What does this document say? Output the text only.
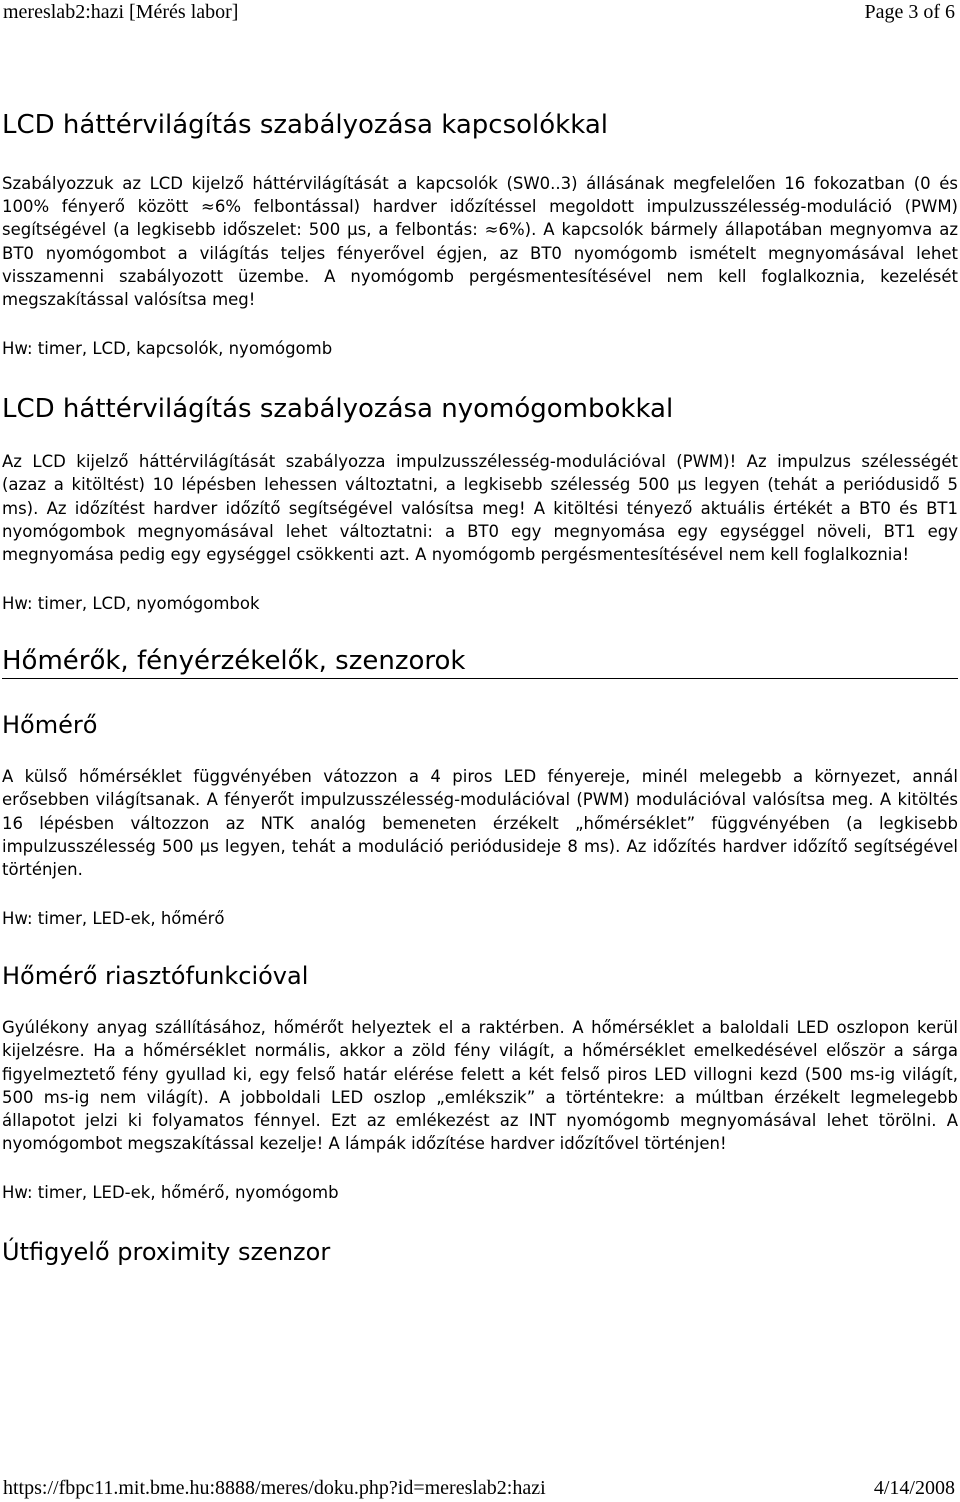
mereslab2:hazi [Mérés labor]	Page 3 of 6
LCD háttérvilágítás szabályozása kapcsolókkal

Szabályozzuk az LCD kijelző háttérvilágítását a kapcsolók (SW0..3) állásának megfelelően 16 fokozatban (0 és 100% fényerő között ≈6% felbontással) hardver időzítéssel megoldott impulzusszélesség-moduláció (PWM) segítségével (a legkisebb időszelet: 500 µs, a felbontás: ≈6%). A kapcsolók bármely állapotában megnyomva az BT0 nyomógombot a világítás teljes fényerővel égjen, az BT0 nyomógomb ismételt megnyomásával lehet visszamenni szabályozott üzembe. A nyomógomb pergésmentesítésével nem kell foglalkoznia, kezelését megszakítással valósítsa meg!

Hw: timer, LCD, kapcsolók, nyomógomb

LCD háttérvilágítás szabályozása nyomógombokkal

Az LCD kijelző háttérvilágítását szabályozza impulzusszélesség-modulációval (PWM)! Az impulzus szélességét (azaz a kitöltést) 10 lépésben lehessen változtatni, a legkisebb szélesség 500 µs legyen (tehát a periódusidő 5 ms). Az időzítést hardver időzítő segítségével valósítsa meg! A kitöltési tényező aktuális értékét a BT0 és BT1 nyomógombok megnyomásával lehet változtatni: a BT0 egy megnyomása egy egységgel növeli, BT1 egy megnyomása pedig egy egységgel csökkenti azt. A nyomógomb pergésmentesítésével nem kell foglalkoznia!

Hw: timer, LCD, nyomógombok

Hőmérők, fényérzékelők, szenzorok
Hőmérő

A külső hőmérséklet függvényében vátozzon a 4 piros LED fényereje, minél melegebb a környezet, annál erősebben világítsanak. A fényerőt impulzusszélesség-modulációval (PWM) modulációval valósítsa meg. A kitöltés 16 lépésben változzon az NTK analóg bemeneten érzékelt „hőmérséklet” függvényében (a legkisebb impulzusszélesség 500 µs legyen, tehát a moduláció periódusideje 8 ms). Az időzítés hardver időzítő segítségével történjen.

Hw: timer, LED-ek, hőmérő

Hőmérő riasztófunkcióval

Gyúlékony anyag szállításához, hőmérőt helyeztek el a raktérben. A hőmérséklet a baloldali LED oszlopon kerül kijelzésre. Ha a hőmérséklet normális, akkor a zöld fény világít, a hőmérséklet emelkedésével először a sárga figyelmeztető fény gyullad ki, egy felső határ elérése felett a két felső piros LED villogni kezd (500 ms-ig világít, 500 ms-ig nem világít). A jobboldali LED oszlop „emlékszik” a történtekre: a múltban érzékelt legmelegebb állapotot jelzi ki folyamatos fénnyel. Ezt az emlékezést az INT nyomógomb megnyomásával lehet törölni. A nyomógombot megszakítással kezelje! A lámpák időzítése hardver időzítővel történjen!

Hw: timer, LED-ek, hőmérő, nyomógomb

Útfigyelő proximity szenzor
https://fbpc11.mit.bme.hu:8888/meres/doku.php?id=mereslab2:hazi	4/14/2008
